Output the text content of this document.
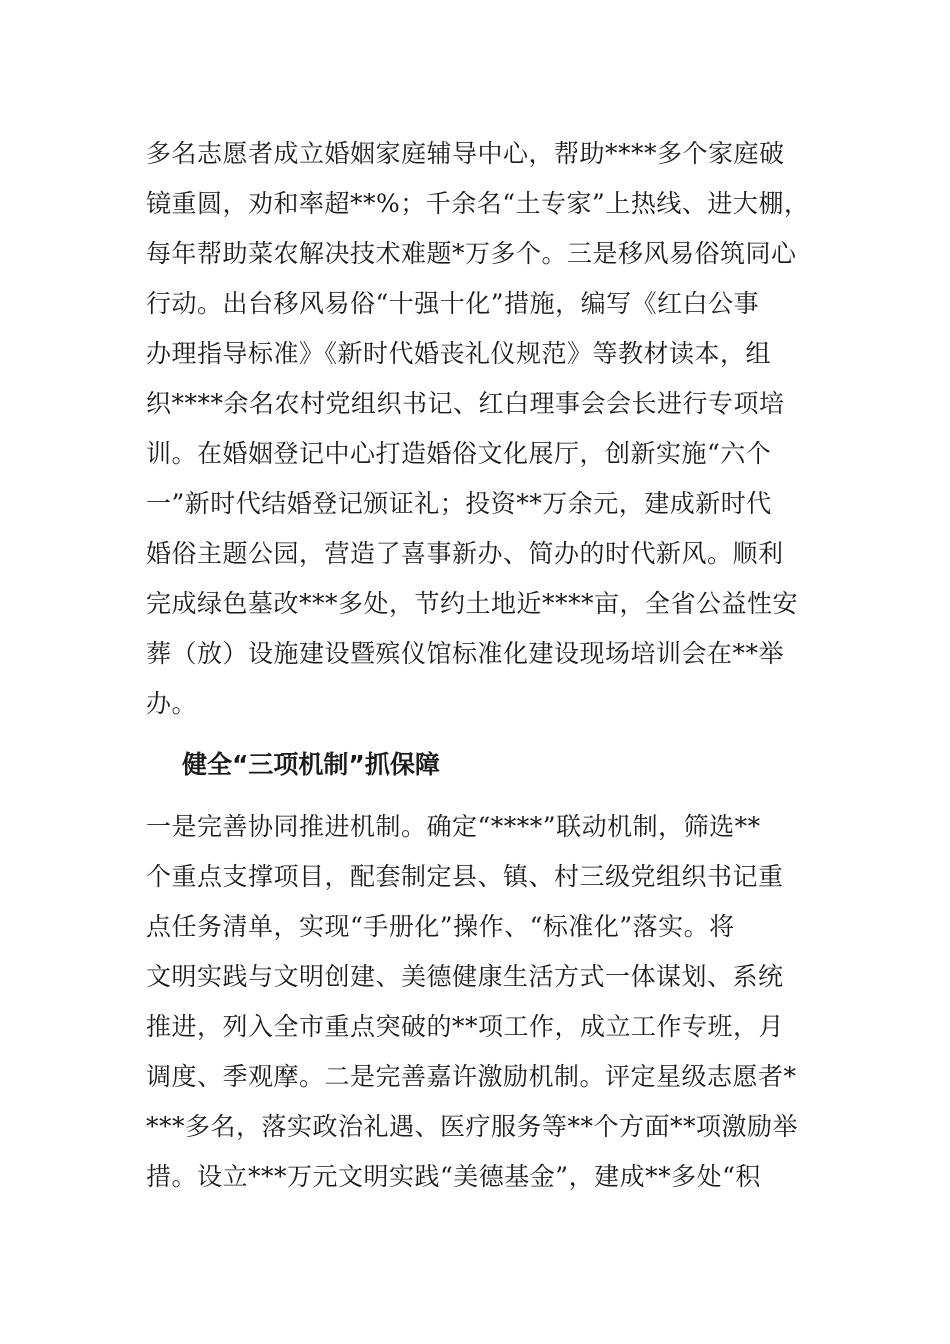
多名志愿者成立婚姻家庭辅导中心，帮助****多个家庭破

镜重圆，劝和率超**%；千余名“土专家”上热线、进大棚，

每年帮助菜农解决技术难题*万多个。三是移风易俗筑同心

行动。出台移风易俗“十强十化”措施，编写《红白公事

办理指导标准》《新时代婚丧礼仪规范》等教材读本，组

织****余名农村党组织书记、红白理事会会长进行专项培

训。在婚姻登记中心打造婚俗文化展厅，创新实施“六个

一”新时代结婚登记颁证礼；投资**万余元，建成新时代

婚俗主题公园，营造了喜事新办、简办的时代新风。顺利

完成绿色墓改***多处，节约土地近****亩，全省公益性安

葬（放）设施建设暨殡仪馆标准化建设现场培训会在**举

办。

健全“三项机制”抓保障

一是完善协同推进机制。确定“****”联动机制，筛选**

个重点支撑项目，配套制定县、镇、村三级党组织书记重

点任务清单，实现“手册化”操作、“标准化”落实。将

文明实践与文明创建、美德健康生活方式一体谋划、系统

推进，列入全市重点突破的**项工作，成立工作专班，月

调度、季观摩。二是完善嘉许激励机制。评定星级志愿者*

***多名，落实政治礼遇、医疗服务等**个方面**项激励举

措。设立***万元文明实践“美德基金”，建成**多处“积
